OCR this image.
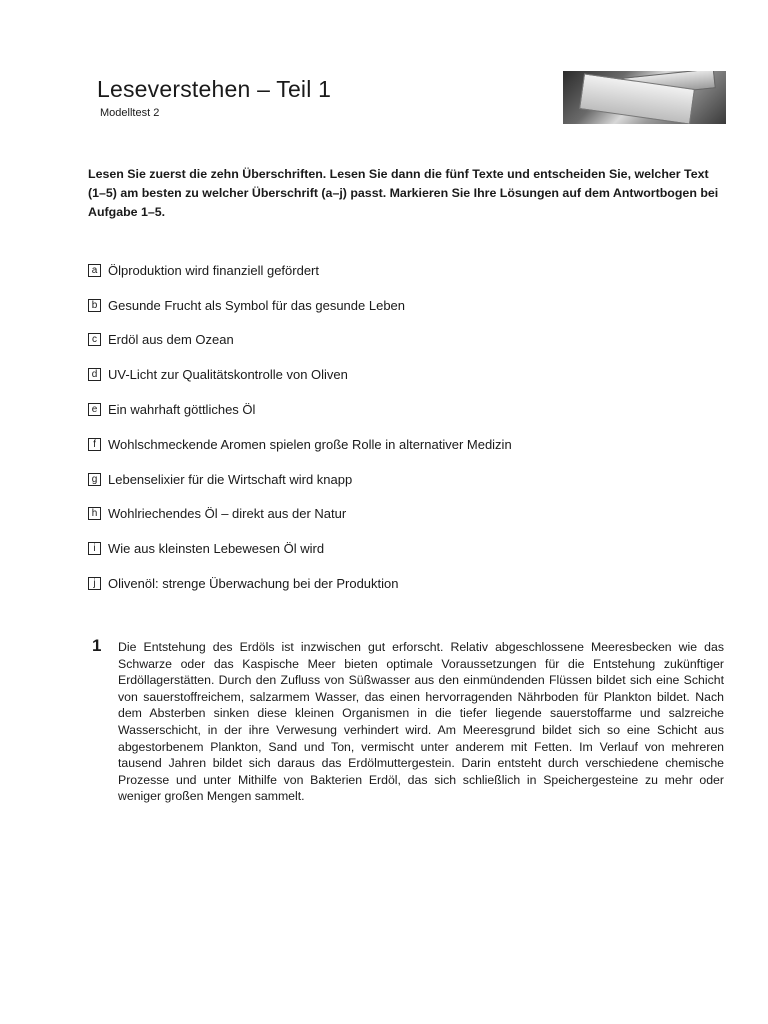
Leseverstehen – Teil 1

Modelltest 2

Lesen Sie zuerst die zehn Überschriften. Lesen Sie dann die fünf Texte und entscheiden Sie, welcher Text (1–5) am besten zu welcher Überschrift (a–j) passt. Markieren Sie Ihre Lösungen auf dem Antwortbogen bei Aufgabe 1–5.

a Ölproduktion wird finanziell gefördert
b Gesunde Frucht als Symbol für das gesunde Leben
c Erdöl aus dem Ozean
d UV-Licht zur Qualitätskontrolle von Oliven
e Ein wahrhaft göttliches Öl
f Wohlschmeckende Aromen spielen große Rolle in alternativer Medizin
g Lebenselixier für die Wirtschaft wird knapp
h Wohlriechendes Öl – direkt aus der Natur
i Wie aus kleinsten Lebewesen Öl wird
j Olivenöl: strenge Überwachung bei der Produktion
1 Die Entstehung des Erdöls ist inzwischen gut erforscht. Relativ abgeschlossene Meeresbecken wie das Schwarze oder das Kaspische Meer bieten optimale Voraussetzungen für die Entstehung zukünftiger Erdöllagerstätten. Durch den Zufluss von Süßwasser aus den einmündenden Flüssen bildet sich eine Schicht von sauerstoffreichem, salzarmem Wasser, das einen hervorragenden Nährboden für Plankton bildet. Nach dem Absterben sinken diese kleinen Organismen in die tiefer liegende sauerstoffarme und salzreiche Wasserschicht, in der ihre Verwesung verhindert wird. Am Meeresgrund bildet sich so eine Schicht aus abgestorbenem Plankton, Sand und Ton, vermischt unter anderem mit Fetten. Im Verlauf von mehreren tausend Jahren bildet sich daraus das Erdölmuttergestein. Darin entsteht durch verschiedene chemische Prozesse und unter Mithilfe von Bakterien Erdöl, das sich schließlich in Speichergesteine zu mehr oder weniger großen Mengen sammelt.
